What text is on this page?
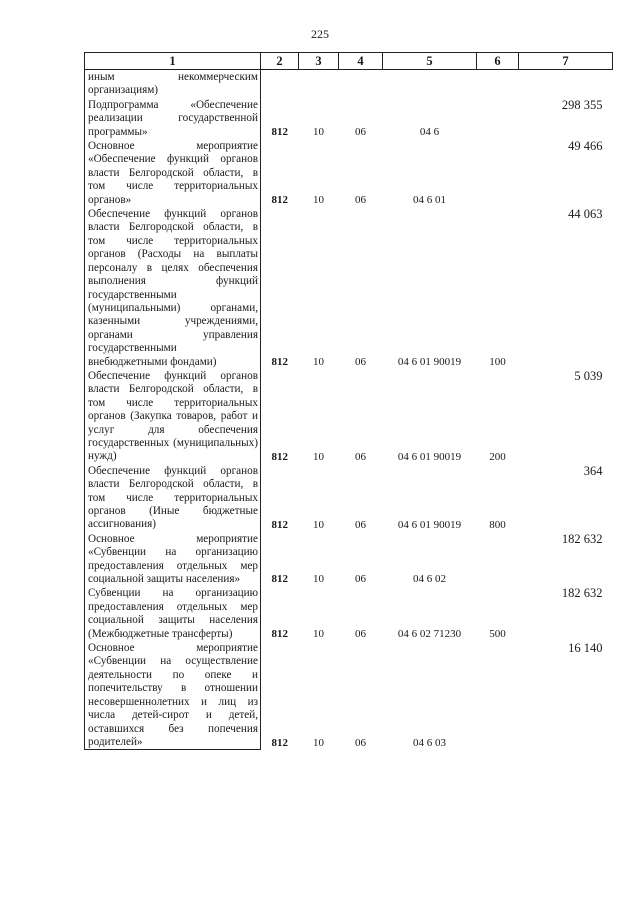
225
1	2	3	4	5	6	7
иным некоммерческим организациям)						
Подпрограмма «Обеспечение реализации государственной программы»	812	10	06	04 6		298 355
Основное мероприятие «Обеспечение функций органов власти Белгородской области, в том числе территориальных органов»	812	10	06	04 6 01		49 466
Обеспечение функций органов власти Белгородской области, в том числе территориальных органов (Расходы на выплаты персоналу в целях обеспечения выполнения функций государственными (муниципальными) органами, казенными учреждениями, органами управления государственными внебюджетными фондами)	812	10	06	04 6 01 90019	100	44 063
Обеспечение функций органов власти Белгородской области, в том числе территориальных органов (Закупка товаров, работ и услуг для обеспечения государственных (муниципальных) нужд)	812	10	06	04 6 01 90019	200	5 039
Обеспечение функций органов власти Белгородской области, в том числе территориальных органов (Иные бюджетные ассигнования)	812	10	06	04 6 01 90019	800	364
Основное мероприятие «Субвенции на организацию предоставления отдельных мер социальной защиты населения»	812	10	06	04 6 02		182 632
Субвенции на организацию предоставления отдельных мер социальной защиты населения (Межбюджетные трансферты)	812	10	06	04 6 02 71230	500	182 632
Основное мероприятие «Субвенции на осуществление деятельности по опеке и попечительству в отношении несовершеннолетних и лиц из числа детей-сирот и детей, оставшихся без попечения родителей»	812	10	06	04 6 03		16 140
